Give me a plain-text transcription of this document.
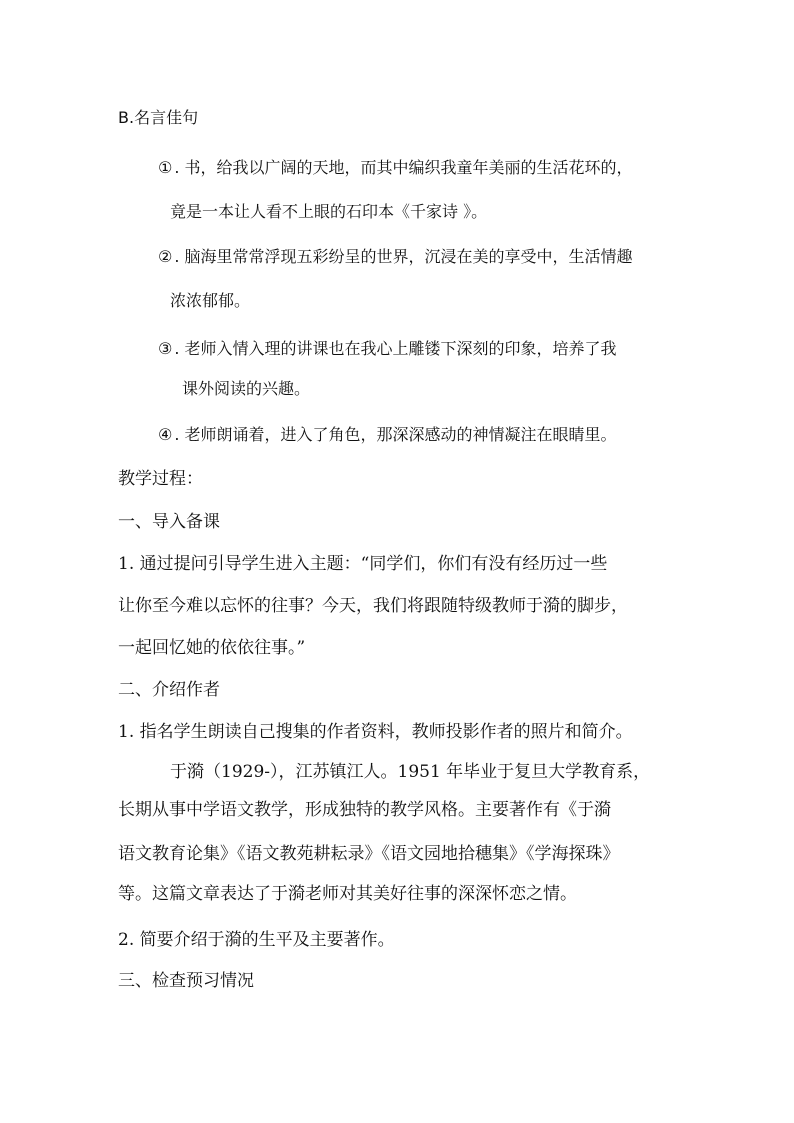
B.名言佳句
① . 书，给我以广阔的天地，而其中编织我童年美丽的生活花环的，
竟是一本让人看不上眼的石印本《千家诗 》。
② . 脑海里常常浮现五彩纷呈的世界，沉浸在美的享受中，生活情趣
浓浓郁郁。
③ . 老师入情入理的讲课也在我心上雕镂下深刻的印象，培养了我
课外阅读的兴趣。
④ . 老师朗诵着，进入了角色，那深深感动的神情凝注在眼睛里。
教学过程：
一、导入备课
1. 通过提问引导学生进入主题：“同学们，你们有没有经历过一些
让你至今难以忘怀的往事？今天，我们将跟随特级教师于漪的脚步，
一起回忆她的依依往事。”
二、介绍作者
1. 指名学生朗读自己搜集的作者资料，教师投影作者的照片和简介。
于漪（1929-），江苏镇江人。1951 年毕业于复旦大学教育系，
长期从事中学语文教学，形成独特的教学风格。主要著作有《于漪
语文教育论集》《语文教苑耕耘录》《语文园地拾穗集》《学海探珠》
等。这篇文章表达了于漪老师对其美好往事的深深怀恋之情。
2. 简要介绍于漪的生平及主要著作。
三、检查预习情况
